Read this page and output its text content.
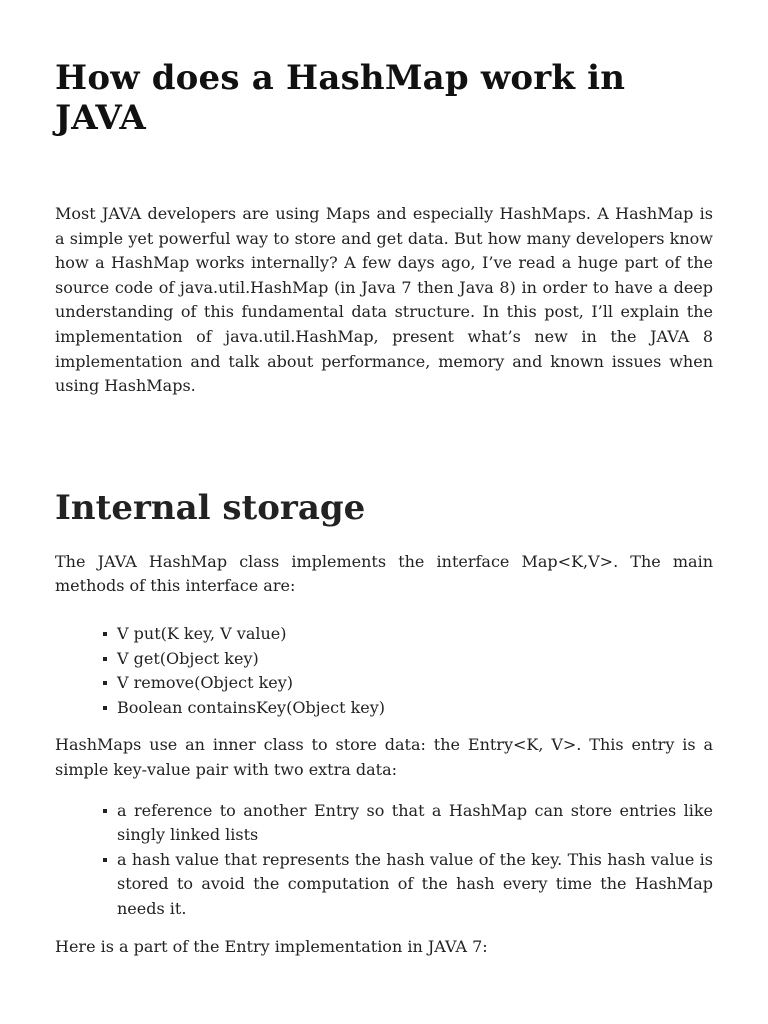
How does a HashMap work in JAVA

Most JAVA developers are using Maps and especially HashMaps. A HashMap is a simple yet powerful way to store and get data. But how many developers know how a HashMap works internally? A few days ago, I’ve read a huge part of the source code of java.util.HashMap (in Java 7 then Java 8) in order to have a deep understanding of this fundamental data structure. In this post, I’ll explain the implementation of java.util.HashMap, present what’s new in the JAVA 8 implementation and talk about performance, memory and known issues when using HashMaps.

Internal storage

The JAVA HashMap class implements the interface Map<K,V>. The main methods of this interface are:

V put(K key, V value)
V get(Object key)
V remove(Object key)
Boolean containsKey(Object key)

HashMaps use an inner class to store data: the Entry<K, V>. This entry is a simple key-value pair with two extra data:

a reference to another Entry so that a HashMap can store entries like singly linked lists
a hash value that represents the hash value of the key. This hash value is stored to avoid the computation of the hash every time the HashMap needs it.

Here is a part of the Entry implementation in JAVA 7:
